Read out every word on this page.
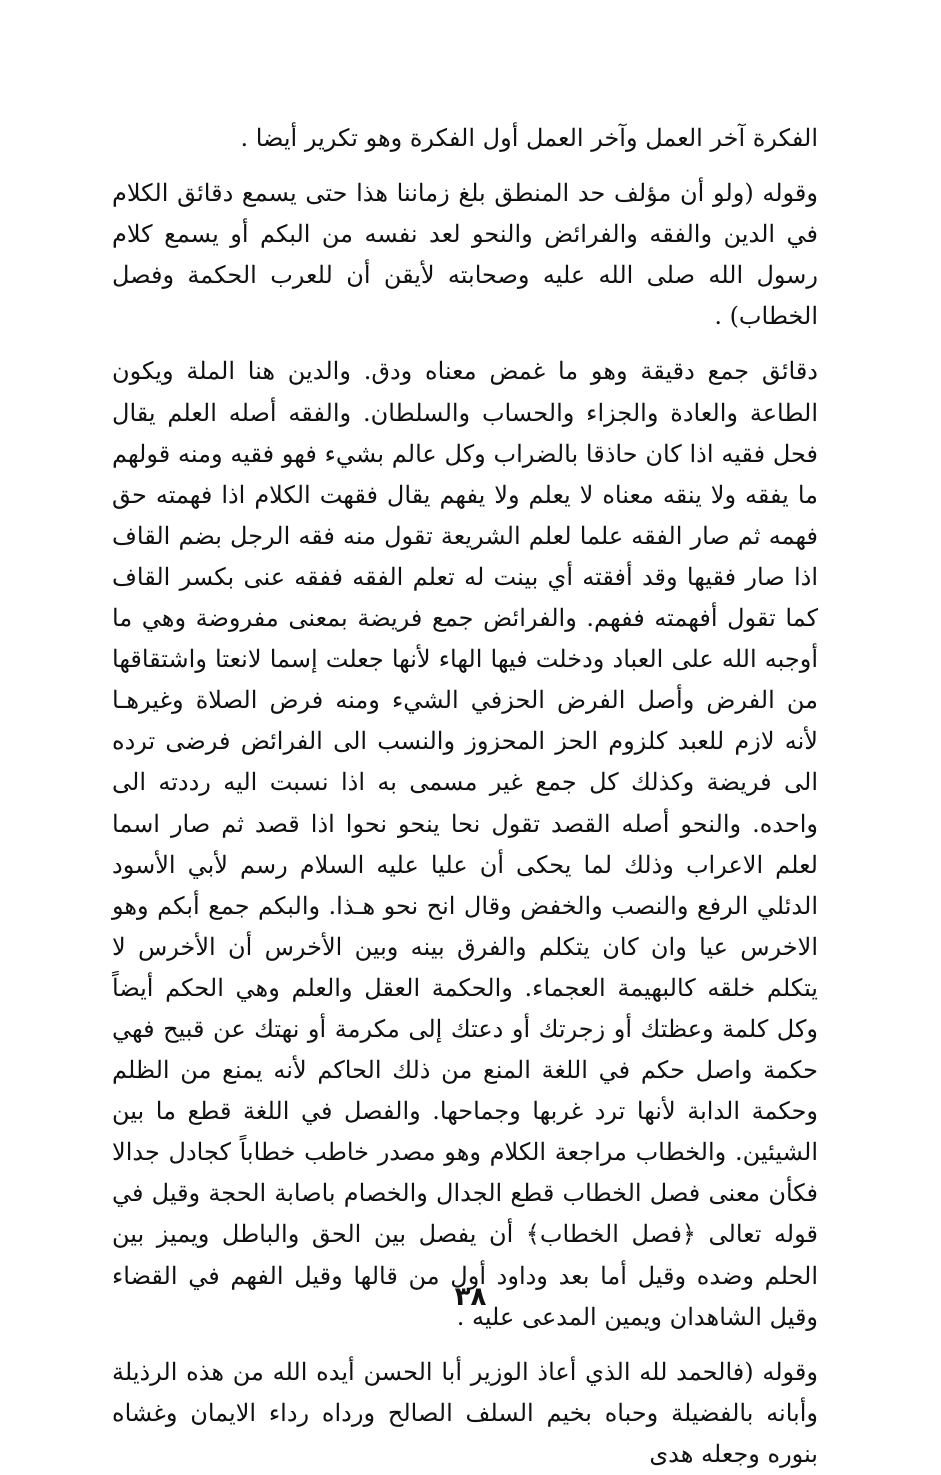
الفكرة آخر العمل وآخر العمل أول الفكرة وهو تكرير أيضا .

وقوله (ولو أن مؤلف حد المنطق بلغ زماننا هذا حتى يسمع دقائق الكلام في الدين والفقه والفرائض والنحو لعد نفسه من البكم أو يسمع كلام رسول الله صلى الله عليه وصحابته لأيقن أن للعرب الحكمة وفصل الخطاب) .

دقائق جمع دقيقة وهو ما غمض معناه ودق. والدين هنا الملة ويكون الطاعة والعادة والجزاء والحساب والسلطان. والفقه أصله العلم يقال فحل فقيه اذا كان حاذقا بالضراب وكل عالم بشيء فهو فقيه ومنه قولهم ما يفقه ولا ينقه معناه لا يعلم ولا يفهم يقال فقهت الكلام اذا فهمته حق فهمه ثم صار الفقه علما لعلم الشريعة تقول منه فقه الرجل بضم القاف اذا صار فقيها وقد أفقته أي بينت له تعلم الفقه ففقه عنى بكسر القاف كما تقول أفهمته ففهم. والفرائض جمع فريضة بمعنى مفروضة وهي ما أوجبه الله على العباد ودخلت فيها الهاء لأنها جعلت إسما لانعتا واشتقاقها من الفرض وأصل الفرض الحزفي الشيء ومنه فرض الصلاة وغيرهـا لأنه لازم للعبد كلزوم الحز المحزوز والنسب الى الفرائض فرضى ترده الى فريضة وكذلك كل جمع غير مسمى به اذا نسبت اليه رددته الى واحده. والنحو أصله القصد تقول نحا ينحو نحوا اذا قصد ثم صار اسما لعلم الاعراب وذلك لما يحكى أن عليا عليه السلام رسم لأبي الأسود الدئلي الرفع والنصب والخفض وقال انح نحو هـذا. والبكم جمع أبكم وهو الاخرس عيا وان كان يتكلم والفرق بينه وبين الأخرس أن الأخرس لا يتكلم خلقه كالبهيمة العجماء. والحكمة العقل والعلم وهي الحكم أيضاً وكل كلمة وعظتك أو زجرتك أو دعتك إلى مكرمة أو نهتك عن قبيح فهي حكمة واصل حكم في اللغة المنع من ذلك الحاكم لأنه يمنع من الظلم وحكمة الدابة لأنها ترد غربها وجماحها. والفصل في اللغة قطع ما بين الشيئين. والخطاب مراجعة الكلام وهو مصدر خاطب خطاباً كجادل جدالا فكأن معنى فصل الخطاب قطع الجدال والخصام باصابة الحجة وقيل في قوله تعالى ﴿فصل الخطاب﴾ أن يفصل بين الحق والباطل ويميز بين الحلم وضده وقيل أما بعد وداود أول من قالها وقيل الفهم في القضاء وقيل الشاهدان ويمين المدعى عليه .

وقوله (فالحمد لله الذي أعاذ الوزير أبا الحسن أيده الله من هذه الرذيلة وأبانه بالفضيلة وحباه بخيم السلف الصالح ورداه رداء الايمان وغشاه بنوره وجعله هدى

٣٨
